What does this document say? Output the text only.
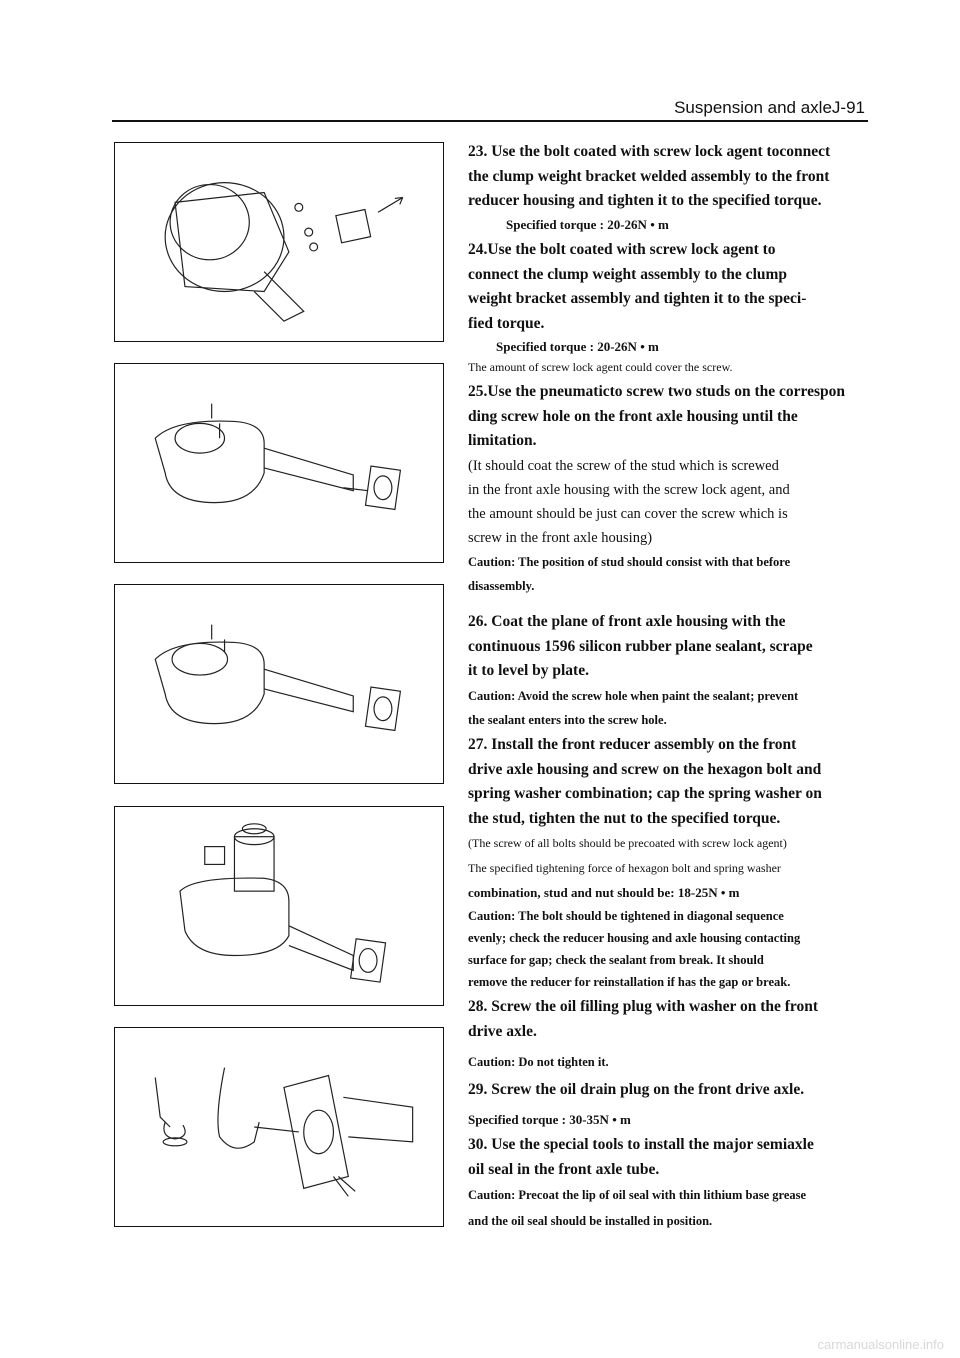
Suspension and axleJ-91

23. Use the bolt coated with screw lock agent toconnect

the clump weight bracket welded assembly to the front

reducer housing and tighten it to the specified torque.

Specified torque : 20-26N • m

24.Use the bolt coated with screw lock agent to

connect the clump weight assembly to the clump

weight bracket assembly and tighten it to the speci-

fied torque.

Specified torque : 20-26N • m

The amount of screw lock agent could cover the screw.

25.Use the pneumaticto screw two studs on the correspon

ding screw hole on the front axle housing until the

limitation.

(It should coat the screw of the stud which is screwed

in the front axle housing with the screw lock agent, and

the amount should be just can cover the screw which is

screw in the front axle housing)

Caution: The position of stud should consist with that before

disassembly.

26. Coat the plane of front axle housing with the

continuous 1596 silicon rubber plane sealant, scrape

it to level by plate.

Caution: Avoid the screw hole when paint the sealant; prevent

the sealant enters into the screw hole.

27. Install the front reducer assembly on the front

drive axle housing and screw on the hexagon bolt and

spring washer combination; cap the spring washer on

the stud, tighten the nut to the specified torque.

(The screw of all bolts should be precoated with screw lock agent)

The specified tightening force of hexagon bolt and spring washer

combination, stud and nut should be: 18-25N • m

Caution: The bolt should be tightened in diagonal sequence

evenly; check the reducer housing and axle housing contacting

surface for gap; check the sealant from break. It should

remove the reducer for reinstallation if has the gap or break.

28. Screw the oil filling plug with washer on the front

drive axle.

Caution: Do not tighten it.

29. Screw the oil drain plug on the front drive axle.

Specified torque : 30-35N • m

30. Use the special tools to install the major semiaxle

oil seal in the front axle tube.

Caution: Precoat the lip of oil seal with thin lithium base grease

and the oil seal should be installed in position.

carmanualsonline.info
